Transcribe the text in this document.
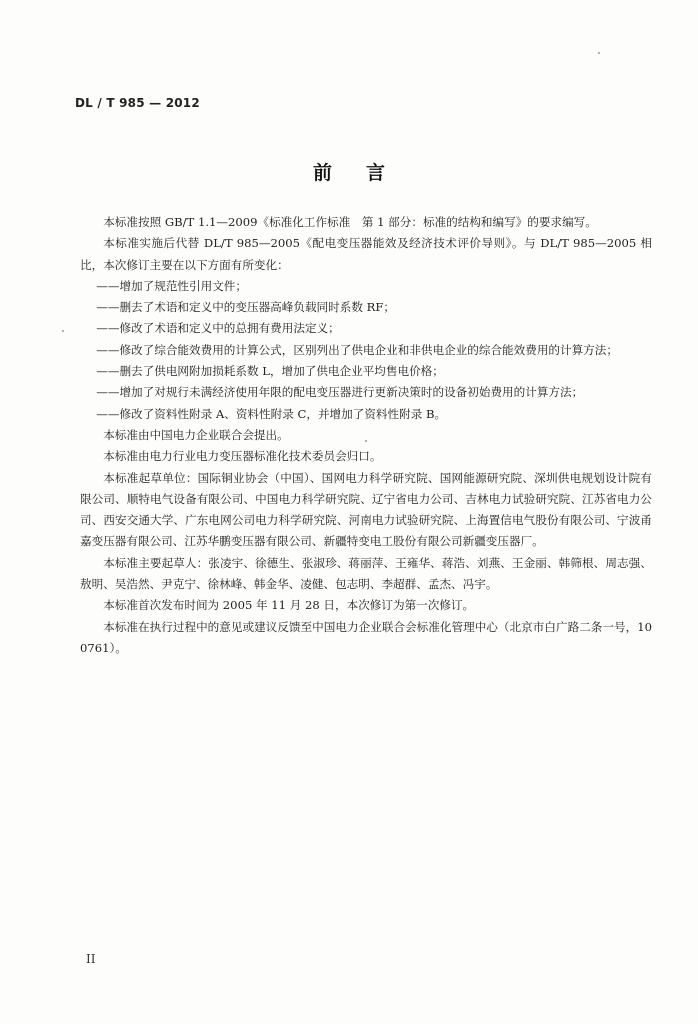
DL / T 985 — 2012
前言
本标准按照 GB/T 1.1—2009《标准化工作标准　第 1 部分：标准的结构和编写》的要求编写。
本标准实施后代替 DL/T 985—2005《配电变压器能效及经济技术评价导则》。与 DL/T 985—2005 相比，本次修订主要在以下方面有所变化：
——增加了规范性引用文件；
——删去了术语和定义中的变压器高峰负载同时系数 RF；
——修改了术语和定义中的总拥有费用法定义；
——修改了综合能效费用的计算公式，区别列出了供电企业和非供电企业的综合能效费用的计算方法；
——删去了供电网附加损耗系数 L，增加了供电企业平均售电价格；
——增加了对规行未满经济使用年限的配电变压器进行更新决策时的设备初始费用的计算方法；
——修改了资料性附录 A、资料性附录 C，并增加了资料性附录 B。
本标准由中国电力企业联合会提出。
本标准由电力行业电力变压器标准化技术委员会归口。
本标准起草单位：国际铜业协会（中国）、国网电力科学研究院、国网能源研究院、深圳供电规划设计院有限公司、顺特电气设备有限公司、中国电力科学研究院、辽宁省电力公司、吉林电力试验研究院、江苏省电力公司、西安交通大学、广东电网公司电力科学研究院、河南电力试验研究院、上海置信电气股份有限公司、宁波甬嘉变压器有限公司、江苏华鹏变压器有限公司、新疆特变电工股份有限公司新疆变压器厂。
本标准主要起草人：张凌宇、徐德生、张淑珍、蒋丽萍、王雍华、蒋浩、刘燕、王金丽、韩筛根、周志强、敖明、吴浩然、尹克宁、徐林峰、韩金华、凌健、包志明、李超群、孟杰、冯宇。
本标准首次发布时间为 2005 年 11 月 28 日，本次修订为第一次修订。
本标准在执行过程中的意见或建议反馈至中国电力企业联合会标准化管理中心（北京市白广路二条一号，100761）。
II
